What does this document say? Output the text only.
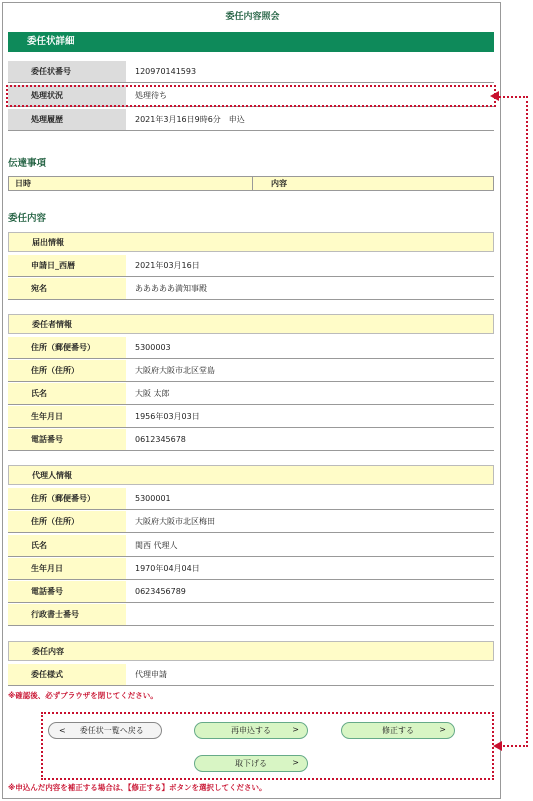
委任内容照会
委任状詳細
委任状番号	120970141593
処理状況	処理待ち
処理履歴	2021年3月16日9時6分　申込
伝達事項
日時	内容
委任内容
届出情報
申請日_西暦	2021年03月16日
宛名	あああああ満知事殿
委任者情報
住所（郵便番号）	5300003
住所（住所）	大阪府大阪市北区堂島
氏名	大阪 太郎
生年月日	1956年03月03日
電話番号	0612345678
代理人情報
住所（郵便番号）	5300001
住所（住所）	大阪府大阪市北区梅田
氏名	関西 代理人
生年月日	1970年04月04日
電話番号	0623456789
行政書士番号
委任内容
委任様式	代理申請
※確認後、必ずブラウザを閉じてください。
< 委任状一覧へ戻る	再申込する	>	修正する	>
取下げる	>
※申込んだ内容を補正する場合は、【修正する】ボタンを選択してください。
